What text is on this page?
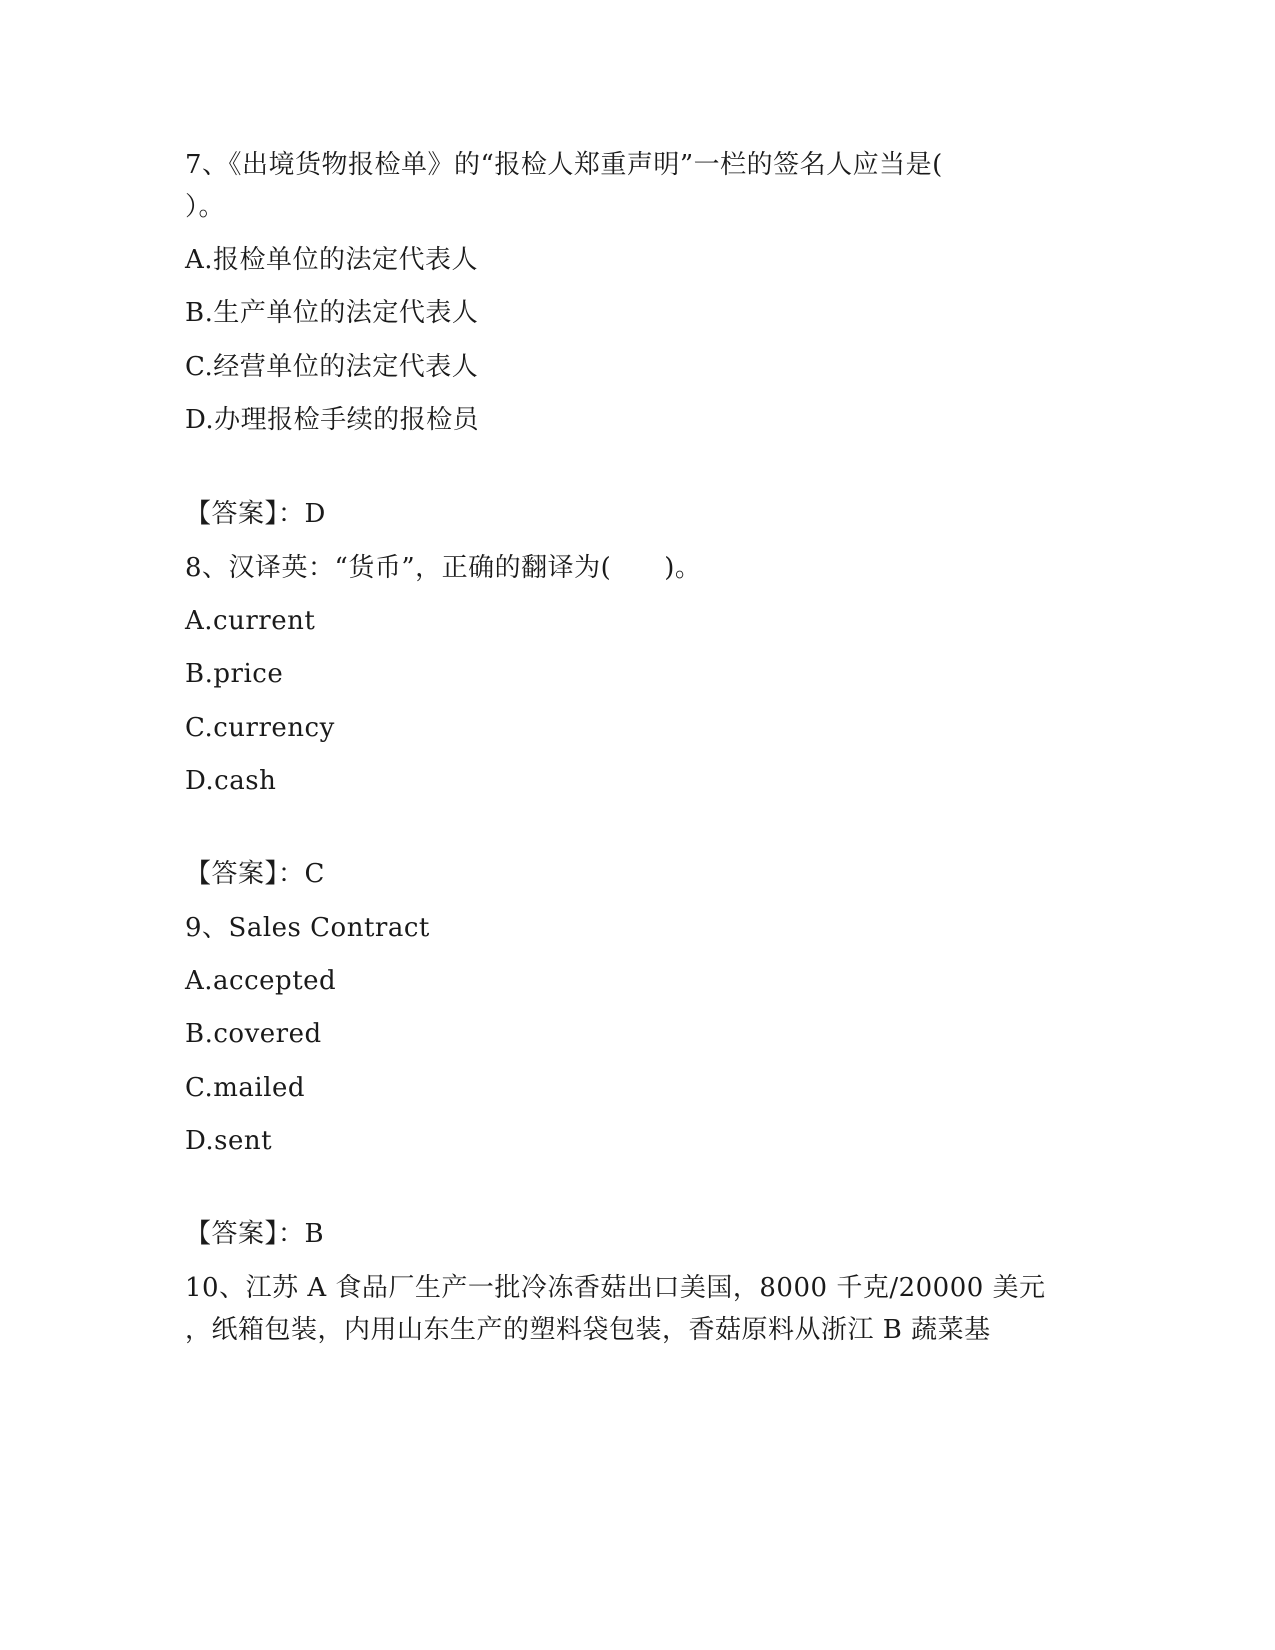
7、《出境货物报检单》的“报检人郑重声明”一栏的签名人应当是(
）。
A.报检单位的法定代表人
B.生产单位的法定代表人
C.经营单位的法定代表人
D.办理报检手续的报检员
【答案】：D
8、汉译英：“货币”，正确的翻译为(　　)。
A.current
B.price
C.currency
D.cash
【答案】：C
9、Sales Contract
A.accepted
B.covered
C.mailed
D.sent
【答案】：B
10、江苏 A 食品厂生产一批冷冻香菇出口美国，8000 千克/20000 美元
，纸箱包装，内用山东生产的塑料袋包装，香菇原料从浙江 B 蔬菜基
